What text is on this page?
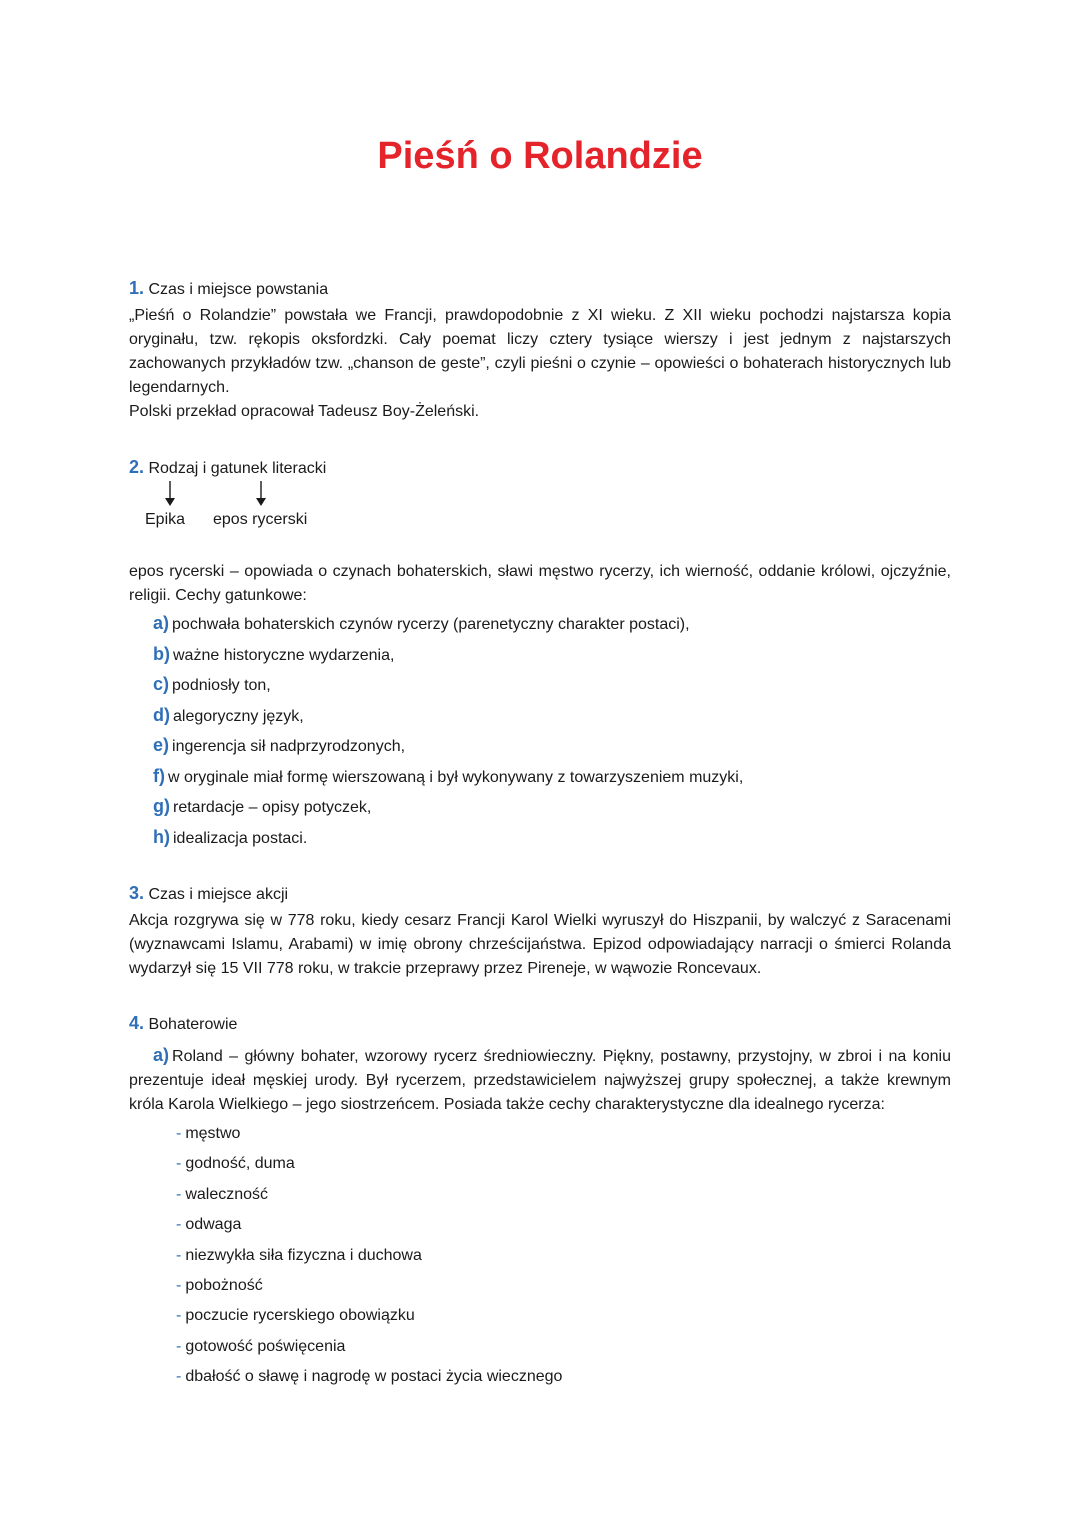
Pieśń o Rolandzie
1. Czas i miejsce powstania

„Pieśń o Rolandzie” powstała we Francji, prawdopodobnie z XI wieku. Z XII wieku pochodzi najstarsza kopia oryginału, tzw. rękopis oksfordzki. Cały poemat liczy cztery tysiące wierszy i jest jednym z najstarszych zachowanych przykładów tzw. „chanson de geste”, czyli pieśni o czynie – opowieści o bohaterach historycznych lub legendarnych.

Polski przekład opracował Tadeusz Boy-Żeleński.

2. Rodzaj i gatunek literacki
Epika epos rycerski

epos rycerski – opowiada o czynach bohaterskich, sławi męstwo rycerzy, ich wierność, oddanie królowi, ojczyźnie, religii. Cechy gatunkowe:

a) pochwała bohaterskich czynów rycerzy (parenetyczny charakter postaci),
b) ważne historyczne wydarzenia,
c) podniosły ton,
d) alegoryczny język,
e) ingerencja sił nadprzyrodzonych,
f) w oryginale miał formę wierszowaną i był wykonywany z towarzyszeniem muzyki,
g) retardacje – opisy potyczek,
h) idealizacja postaci.
3. Czas i miejsce akcji

Akcja rozgrywa się w 778 roku, kiedy cesarz Francji Karol Wielki wyruszył do Hiszpanii, by walczyć z Saracenami (wyznawcami Islamu, Arabami) w imię obrony chrześcijaństwa. Epizod odpowiadający narracji o śmierci Rolanda wydarzył się 15 VII 778 roku, w trakcie przeprawy przez Pireneje, w wąwozie Roncevaux.

4. Bohaterowie

a) Roland – główny bohater, wzorowy rycerz średniowieczny. Piękny, postawny, przystojny, w zbroi i na koniu prezentuje ideał męskiej urody. Był rycerzem, przedstawicielem najwyższej grupy społecznej, a także krewnym króla Karola Wielkiego – jego siostrzeńcem. Posiada także cechy charakterystyczne dla idealnego rycerza:

- męstwo
- godność, duma
- waleczność
- odwaga
- niezwykła siła fizyczna i duchowa
- pobożność
- poczucie rycerskiego obowiązku
- gotowość poświęcenia
- dbałość o sławę i nagrodę w postaci życia wiecznego
